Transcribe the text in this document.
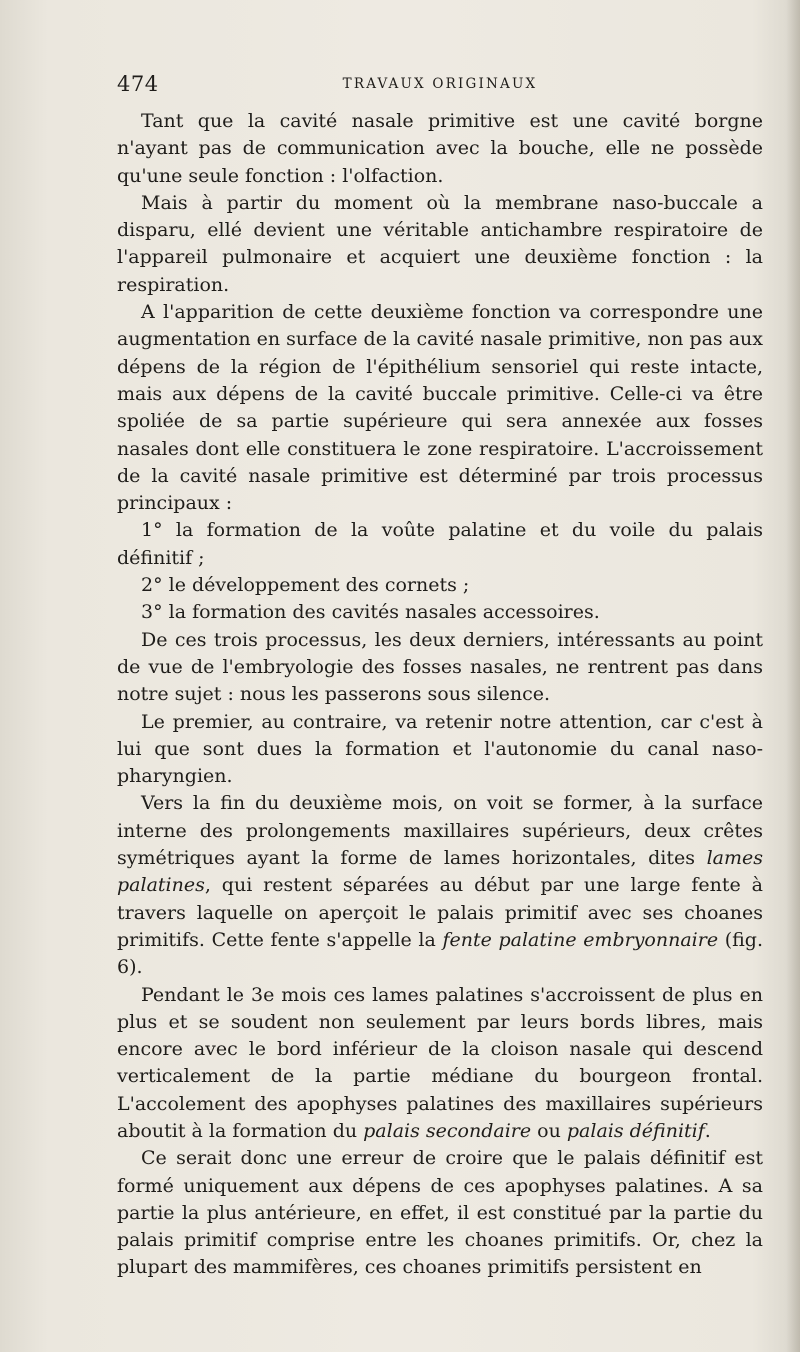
474	TRAVAUX ORIGINAUX

Tant que la cavité nasale primitive est une cavité borgne n'ayant pas de communication avec la bouche, elle ne possède qu'une seule fonction : l'olfaction.

Mais à partir du moment où la membrane naso-buccale a disparu, ellé devient une véritable antichambre respiratoire de l'appareil pulmonaire et acquiert une deuxième fonction : la respiration.

A l'apparition de cette deuxième fonction va correspondre une augmentation en surface de la cavité nasale primitive, non pas aux dépens de la région de l'épithélium sensoriel qui reste intacte, mais aux dépens de la cavité buccale primitive. Celle-ci va être spoliée de sa partie supérieure qui sera annexée aux fosses nasales dont elle constituera le zone respiratoire. L'accroissement de la cavité nasale primitive est déterminé par trois processus principaux :

1° la formation de la voûte palatine et du voile du palais définitif ;

2° le développement des cornets ;

3° la formation des cavités nasales accessoires.

De ces trois processus, les deux derniers, intéressants au point de vue de l'embryologie des fosses nasales, ne rentrent pas dans notre sujet : nous les passerons sous silence.

Le premier, au contraire, va retenir notre attention, car c'est à lui que sont dues la formation et l'autonomie du canal naso-pharyngien.

Vers la fin du deuxième mois, on voit se former, à la surface interne des prolongements maxillaires supérieurs, deux crêtes symétriques ayant la forme de lames horizontales, dites lames palatines, qui restent séparées au début par une large fente à travers laquelle on aperçoit le palais primitif avec ses choanes primitifs. Cette fente s'appelle la fente palatine embryonnaire (fig. 6).

Pendant le 3e mois ces lames palatines s'accroissent de plus en plus et se soudent non seulement par leurs bords libres, mais encore avec le bord inférieur de la cloison nasale qui descend verticalement de la partie médiane du bourgeon frontal. L'accolement des apophyses palatines des maxillaires supérieurs aboutit à la formation du palais secondaire ou palais définitif.

Ce serait donc une erreur de croire que le palais définitif est formé uniquement aux dépens de ces apophyses palatines. A sa partie la plus antérieure, en effet, il est constitué par la partie du palais primitif comprise entre les choanes primitifs. Or, chez la plupart des mammifères, ces choanes primitifs persistent en
